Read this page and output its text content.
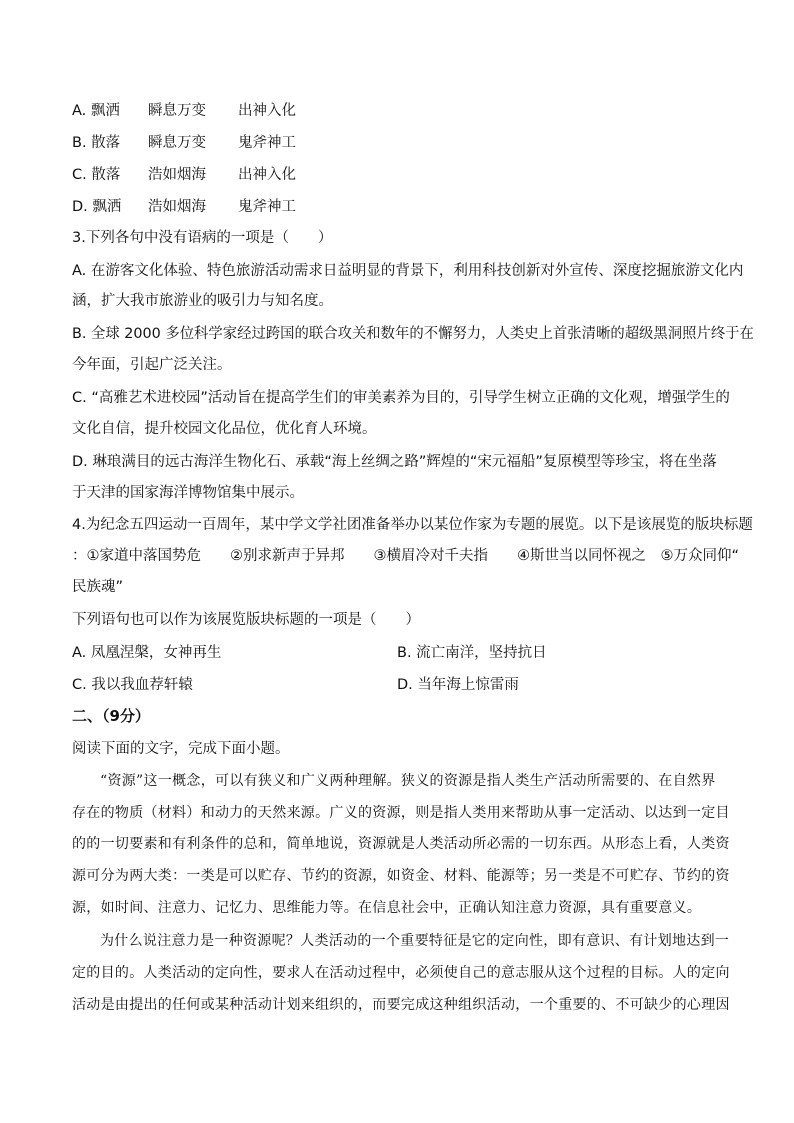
A. 飘洒 瞬息万变 出神入化
B. 散落 瞬息万变 鬼斧神工
C. 散落 浩如烟海 出神入化
D. 飘洒 浩如烟海 鬼斧神工
3.下列各句中没有语病的一项是（　　）
A. 在游客文化体验、特色旅游活动需求日益明显的背景下，利用科技创新对外宣传、深度挖掘旅游文化内
涵，扩大我市旅游业的吸引力与知名度。
B. 全球 2000 多位科学家经过跨国的联合攻关和数年的不懈努力，人类史上首张清晰的超级黑洞照片终于在
今年面，引起广泛关注。
C. “高雅艺术进校园”活动旨在提高学生们的审美素养为目的，引导学生树立正确的文化观，增强学生的
文化自信，提升校园文化品位，优化育人环境。
D. 琳琅满目的远古海洋生物化石、承载“海上丝绸之路”辉煌的“宋元福船”复原模型等珍宝，将在坐落
于天津的国家海洋博物馆集中展示。
4.为纪念五四运动一百周年，某中学文学社团准备举办以某位作家为专题的展览。以下是该展览的版块标题
：①家道中落国势危　　②别求新声于异邦　　③横眉冷对千夫指　　④斯世当以同怀视之　⑤万众同仰“
民族魂”
下列语句也可以作为该展览版块标题的一项是（　　）
A. 凤凰涅槃，女神再生	B. 流亡南洋，坚持抗日
C. 我以我血荐轩辕	D. 当年海上惊雷雨
二、（9分）
阅读下面的文字，完成下面小题。
“资源”这一概念，可以有狭义和广义两种理解。狭义的资源是指人类生产活动所需要的、在自然界
存在的物质（材料）和动力的天然来源。广义的资源，则是指人类用来帮助从事一定活动、以达到一定目
的的一切要素和有利条件的总和，简单地说，资源就是人类活动所必需的一切东西。从形态上看，人类资
源可分为两大类：一类是可以贮存、节约的资源，如资金、材料、能源等；另一类是不可贮存、节约的资
源，如时间、注意力、记忆力、思维能力等。在信息社会中，正确认知注意力资源，具有重要意义。
为什么说注意力是一种资源呢？人类活动的一个重要特征是它的定向性，即有意识、有计划地达到一
定的目的。人类活动的定向性，要求人在活动过程中，必须使自己的意志服从这个过程的目标。人的定向
活动是由提出的任何或某种活动计划来组织的，而要完成这种组织活动，一个重要的、不可缺少的心理因
